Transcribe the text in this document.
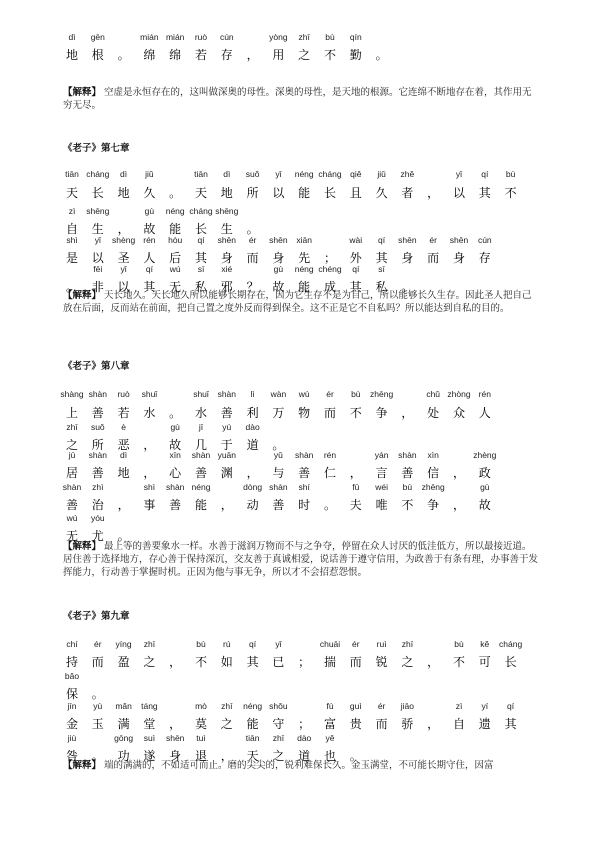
dì gēn	mián mián ruò cún	yòng zhī bù qín
地 根 。 绵 绵 若 存 ， 用 之 不 勤 。
【解释】 空虚是永恒存在的，这叫做深奥的母性。深奥的母性，是天地的根源。它连绵不断地存在着，其作用无穷无尽。
《老子》第七章
tiān cháng dì jiǔ	tiān dì suǒ yǐ néng cháng qiě jiǔ zhě	yǐ qí bù
天 长 地 久 。 天 地 所 以 能 长 且 久 者 ， 以 其 不
zì shēng	gù néng cháng shēng
自 生 ， 故 能 长 生 。
shì yǐ shèng rén hòu qí shēn ér shēn xiān	wài qí shēn ér shēn cún
是 以 圣 人 后 其 身 而 身 先 ； 外 其 身 而 身 存
fēi yǐ qí wú sī xié	gù néng chéng qí sī
。 非 以 其 无 私 邪 ？ 故 能 成 其 私 。
【解释】 天长地久。天长地久所以能够长期存在，因为它生存不是为自己，所以能够长久生存。因此圣人把自己放在后面，反而站在前面，把自己置之度外反而得到保全。这不正是它不自私吗？所以能达到自私的目的。
《老子》第八章
shàng shàn ruò shuǐ	shuǐ shàn lì wàn wù ér bù zhēng	chǔ zhòng rén
上 善 若 水 。 水 善 利 万 物 而 不 争 ， 处 众 人
zhī suǒ è	gù jī yú dào
之 所 恶 ， 故 几 于 道 。
jū shàn dì	xīn shàn yuān	yǔ shàn rén	yán shàn xìn	zhèng
居 善 地 ， 心 善 渊 ， 与 善 仁 ， 言 善 信 ， 政
shàn zhì	shì shàn néng	dòng shàn shí	fū wéi bù zhēng	gù
善 治 ， 事 善 能 ， 动 善 时 。 夫 唯 不 争 ， 故
wú yóu
无 尤 。
【解释】 最上等的善要象水一样。水善于滋润万物而不与之争夺，停留在众人讨厌的低洼低方，所以最接近道。居住善于选择地方，存心善于保持深沉，交友善于真诚相爱，说话善于遵守信用，为政善于有条有理，办事善于发挥能力，行动善于掌握时机。正因为他与事无争，所以才不会招惹怨恨。
《老子》第九章
chí ér yíng zhī	bù rú qí yǐ	chuāi ér ruì zhī	bù kě cháng
持 而 盈 之 ， 不 如 其 已 ； 揣 而 锐 之 ， 不 可 长
bǎo
保 。
jīn yù mǎn táng	mò zhī néng shǒu	fù guì ér jiāo	zì yí qí
金 玉 满 堂 ， 莫 之 能 守 ； 富 贵 而 骄 ， 自 遗 其
jiù	gōng suì shēn tuì	tiān zhī dào yě
咎 。 功 遂 身 退 ， 天 之 道 也 。
【解释】 端的满满的，不如适可而止。磨的尖尖的，锐利难保长久。金玉满堂，不可能长期守住，因富
